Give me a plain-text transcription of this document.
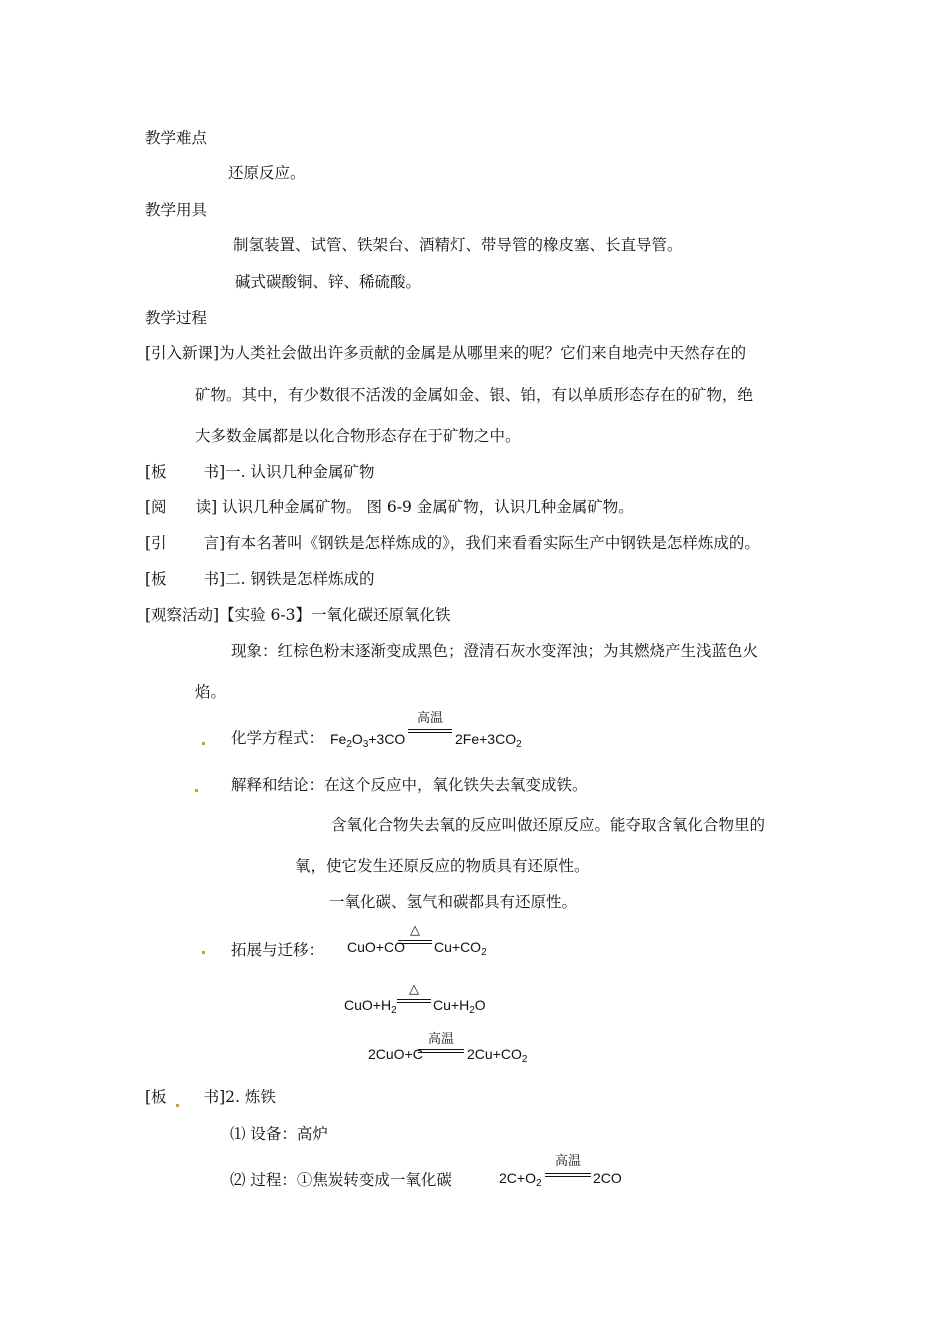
教学难点
还原反应。
教学用具
制氢装置、试管、铁架台、酒精灯、带导管的橡皮塞、长直导管。
碱式碳酸铜、锌、稀硫酸。
教学过程
[引入新课]为人类社会做出许多贡献的金属是从哪里来的呢？它们来自地壳中天然存在的
矿物。其中，有少数很不活泼的金属如金、银、铂，有以单质形态存在的矿物，绝
大多数金属都是以化合物形态存在于矿物之中。
[板 书]一. 认识几种金属矿物
[阅 读] 认识几种金属矿物。 图 6-9 金属矿物，认识几种金属矿物。
[引 言]有本名著叫《钢铁是怎样炼成的》，我们来看看实际生产中钢铁是怎样炼成的。
[板 书]二. 钢铁是怎样炼成的
[观察活动]【实验 6-3】一氧化碳还原氧化铁
现象：红棕色粉末逐渐变成黑色；澄清石灰水变浑浊；为其燃烧产生浅蓝色火
焰。
化学方程式： $Fe_2O_3+3CO$
高温
$2Fe+3CO_2$
解释和结论：在这个反应中，氧化铁失去氧变成铁。
含氧化合物失去氧的反应叫做还原反应。能夺取含氧化合物里的
氧，使它发生还原反应的物质具有还原性。
一氧化碳、氢气和碳都具有还原性。
拓展与迁移： CuO+CO
△
$Cu+CO_2$
$CuO+H_2$
△
$Cu+H_2O$
2CuO+C
高温
$2Cu+CO_2$
[板 书]2. 炼铁
⑴ 设备：高炉
⑵ 过程：①焦炭转变成一氧化碳	$2C+O_2$
高温
2CO
